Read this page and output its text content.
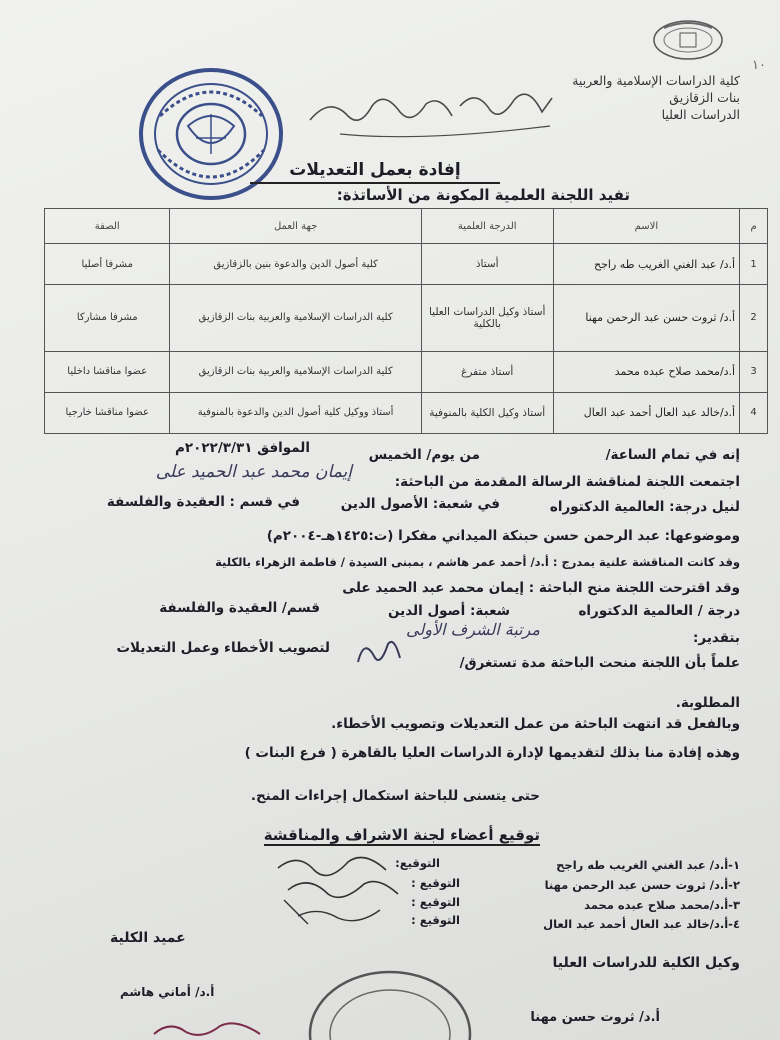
١٠
كلية الدراسات الإسلامية والعربية
بنات الزقازيق
الدراسات العليا
إفادة بعمل التعديلات
تفيد اللجنة العلمية المكونة من الأساتذة:
م	الاسم	الدرجة العلمية	جهة العمل	الصفة
1	أ.د/ عبد الغني الغريب طه راجح	أستاذ	كلية أصول الدين والدعوة بنين بالزقازيق	مشرفا أصليا
2	أ.د/ ثروت حسن عبد الرحمن مهنا	أستاذ وكيل الدراسات العليا بالكلية	كلية الدراسات الإسلامية والعربية بنات الزقازيق	مشرفا مشاركا
3	أ.د/محمد صلاح عبده محمد	أستاذ متفرغ	كلية الدراسات الإسلامية والعربية بنات الزقازيق	عضوا مناقشا داخليا
4	أ.د/خالد عبد العال أحمد عبد العال	أستاذ وكيل الكلية بالمنوفية	أستاذ ووكيل كلية أصول الدين والدعوة بالمنوفية	عضوا مناقشا خارجيا
إنه في تمام الساعة/
من يوم/ الخميس
الموافق ٢٠٢٢/٣/٣١م
اجتمعت اللجنة لمناقشة الرسالة المقدمة من الباحثة:
إيمان محمد عبد الحميد على
لنيل درجة: العالمية الدكتوراه
في شعبة: الأصول الدين
في قسم : العقيدة والفلسفة
وموضوعها: عبد الرحمن حسن حبنكة الميداني مفكرا (ت:١٤٢٥هـ-٢٠٠٤م)
وقد كانت المناقشة علنية بمدرج : أ.د/ أحمد عمر هاشم ، بمبنى السيدة / فاطمة الزهراء بالكلية
وقد اقترحت اللجنة منح الباحثة : إيمان محمد عبد الحميد على
درجة / العالمية الدكتوراه
شعبة: أصول الدين
قسم/ العقيدة والفلسفة
بتقدير:
مرتبة الشرف الأولى
علماً بأن اللجنة منحت الباحثة مدة تستغرق/
لتصويب الأخطاء وعمل التعديلات
المطلوبة.
وبالفعل قد انتهت الباحثة من عمل التعديلات وتصويب الأخطاء.
وهذه إفادة منا بذلك لتقديمها لإدارة الدراسات العليا بالقاهرة ( فرع البنات )
حتى يتسنى للباحثة استكمال إجراءات المنح.
توقيع أعضاء لجنة الاشراف والمناقشة
١-أ.د/ عبد الغني الغريب طه راجح
التوقيع:
٢-أ.د/ ثروت حسن عبد الرحمن مهنا
التوقيع :
٣-أ.د/محمد صلاح عبده محمد
التوقيع :
٤-أ.د/خالد عبد العال أحمد عبد العال
التوقيع :
عميد الكلية
وكيل الكلية للدراسات العليا
أ.د/ أماني هاشم
أ.د/ ثروت حسن مهنا
